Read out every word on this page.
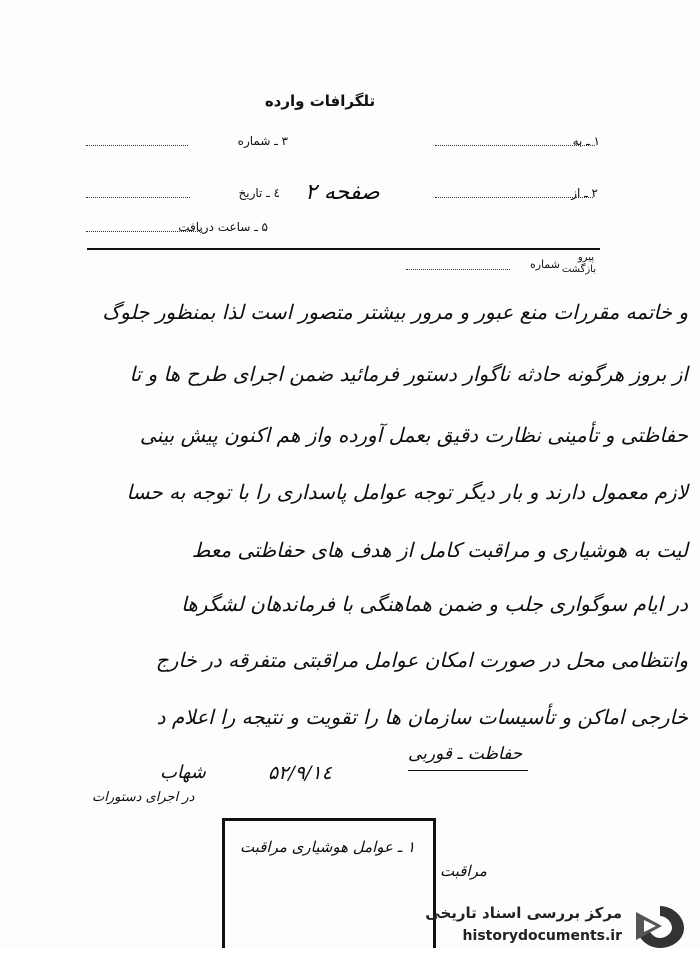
تلگرافات وارده
۱ ـ به
۳ ـ شماره
۲ ـ از
صفحه ۲
٤ ـ تاریخ
۵ ـ ساعت دریافت
پیرو
بازگشت
شماره
و خاتمه مقررات منع عبور و مرور بیشتر متصور است لذا بمنظور جلوگ
از بروز هرگونه حادثه ناگوار دستور فرمائید ضمن اجرای طرح ها و تا
حفاظتی و تأمینی نظارت دقیق بعمل آورده واز هم اکنون پیش بینی
لازم معمول دارند و بار دیگر توجه عوامل پاسداری را با توجه به حسا
لیت به هوشیاری و مراقبت کامل از هدف های حفاظتی معط
در ایام سوگواری جلب و ضمن هماهنگی با فرماندهان لشگرها
وانتظامی محل در صورت امکان عوامل مراقبتی متفرقه در خارج
خارجی اماکن و تأسیسات سازمان ها را تقویت و نتیجه را اعلام د
حفاظت ـ قوربی
۵۲/۹/۱٤
شهاب
در اجرای دستورات
۱ ـ عوامل هوشیاری مراقبت
مراقبت
مرکز بررسی اسناد تاریخی
historydocuments.ir
